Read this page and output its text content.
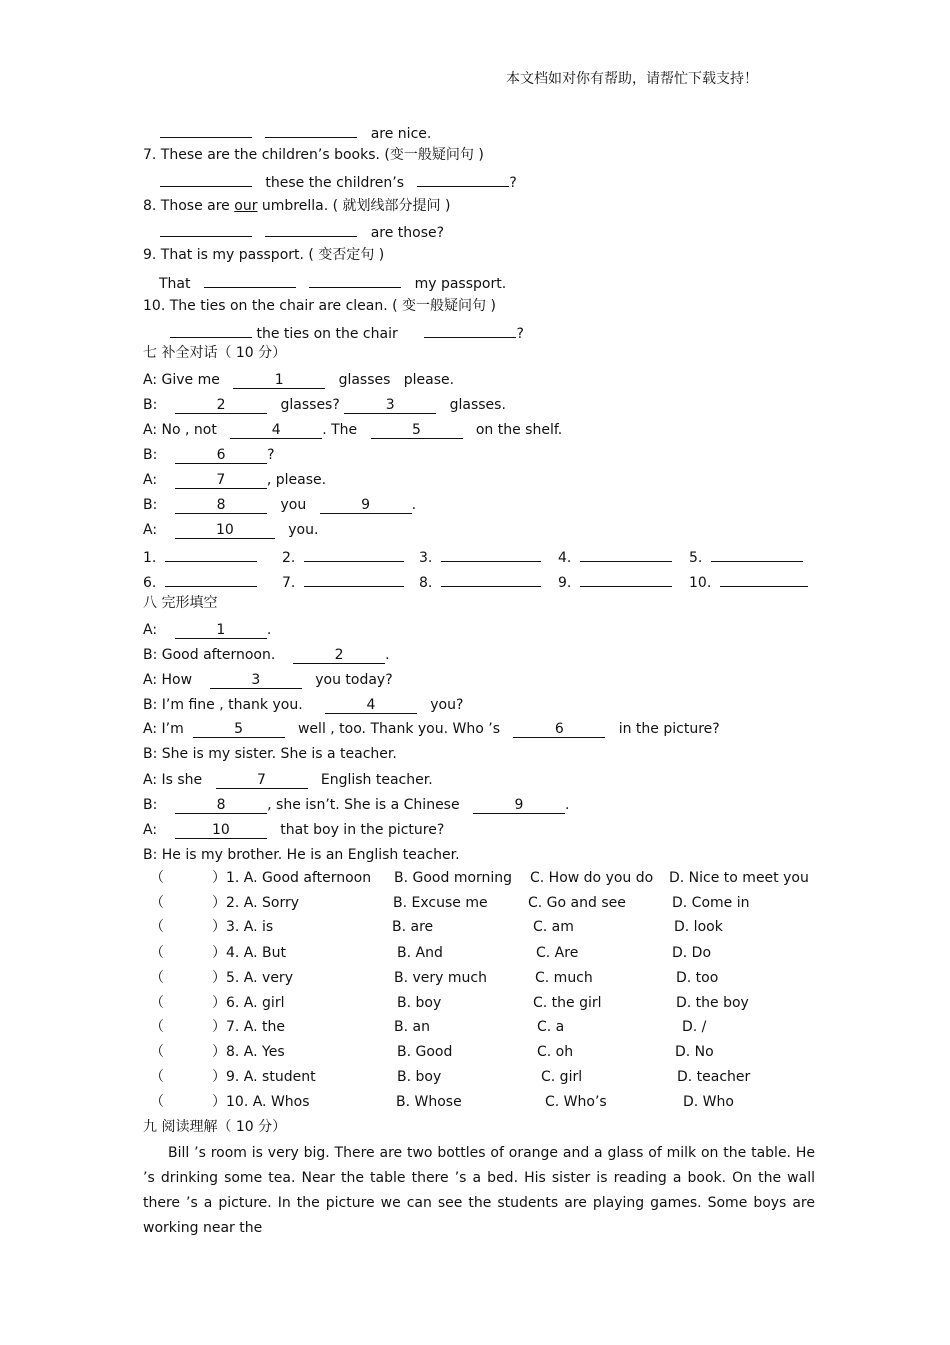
本文档如对你有帮助，请帮忙下载支持！
are nice.
7. These are the children’s books. (变一般疑问句 )
these the children’s	?
8. Those are our umbrella. ( 就划线部分提问 )
are those?
9. That is my passport. ( 变否定句 )
That	my passport.
10. The ties on the chair are clean. ( 变一般疑问句 )
the ties on the chair	?
七 补全对话（ 10 分）
A: Give me	1	glasses please.
B:	2	glasses?	3	glasses.
A: No , not	4	. The	5	on the shelf.
B:	6	?
A:	7	, please.
B:	8	you	9	.
A:	10	you.
1.	2.	3.	4.	5.
6.	7.	8.	9.	10.
八 完形填空
A:	1	.
B: Good afternoon.	2	.
A: How	3	you today?
B: I’m fine , thank you.	4	you?
A: I’m	5	well , too. Thank you. Who ’s	6	in the picture?
B: She is my sister. She is a teacher.
A: Is she	7	English teacher.
B:	8	, she isn’t. She is a Chinese	9	.
A:	10	that boy in the picture?
B: He is my brother. He is an English teacher.
（	）1. A. Good afternoon B. Good morning C. How do you do D. Nice to meet you
（	）2. A. Sorry	B. Excuse me	C. Go and see	D. Come in
（	）3. A. is	B. are	C. am	D. look
（	）4. A. But	B. And	C. Are	D. Do
（	）5. A. very	B. very much	C. much	D. too
（	）6. A. girl	B. boy	C. the girl	D. the boy
（	）7. A. the	B. an	C. a	D. /
（	）8. A. Yes	B. Good	C. oh	D. No
（	）9. A. student	B. boy	C. girl	D. teacher
（	）10. A. Whos	B. Whose	C. Who’s	D. Who
九 阅读理解（ 10 分）

Bill ’s room is very big. There are two bottles of orange and a glass of milk on the table. He ’s drinking some tea. Near the table there ’s a bed. His sister is reading a book. On the wall there ’s a picture. In the picture we can see the students are playing games. Some boys are working near the
